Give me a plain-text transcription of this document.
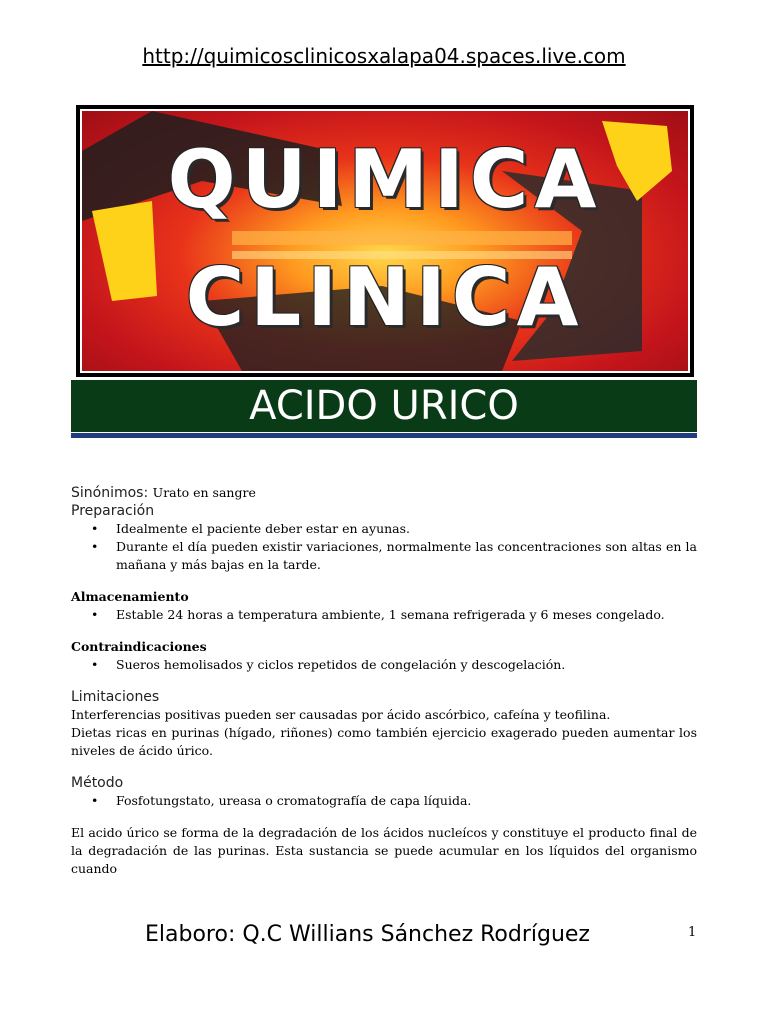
http://quimicosclinicosxalapa04.spaces.live.com
QUIMICA
CLINICA
ACIDO URICO
Sinónimos: Urato en sangre
Preparación
• Idealmente el paciente deber estar en ayunas.
• Durante el día pueden existir variaciones, normalmente las concentraciones son altas en la mañana y más bajas en la tarde.
Almacenamiento
• Estable 24 horas a temperatura ambiente, 1 semana refrigerada y 6 meses congelado.
Contraindicaciones
• Sueros hemolisados y ciclos repetidos de congelación y descogelación.
Limitaciones
Interferencias positivas pueden ser causadas por ácido ascórbico, cafeína y teofilina.
Dietas ricas en purinas (hígado, riñones) como también ejercicio exagerado pueden aumentar los niveles de ácido úrico.
Método
• Fosfotungstato, ureasa o cromatografía de capa líquida.
El acido úrico se forma de la degradación de los ácidos nucleícos y constituye el producto final de la degradación de las purinas. Esta sustancia se puede acumular en los líquidos del organismo cuando
Elaboro: Q.C Willians Sánchez Rodríguez	1
